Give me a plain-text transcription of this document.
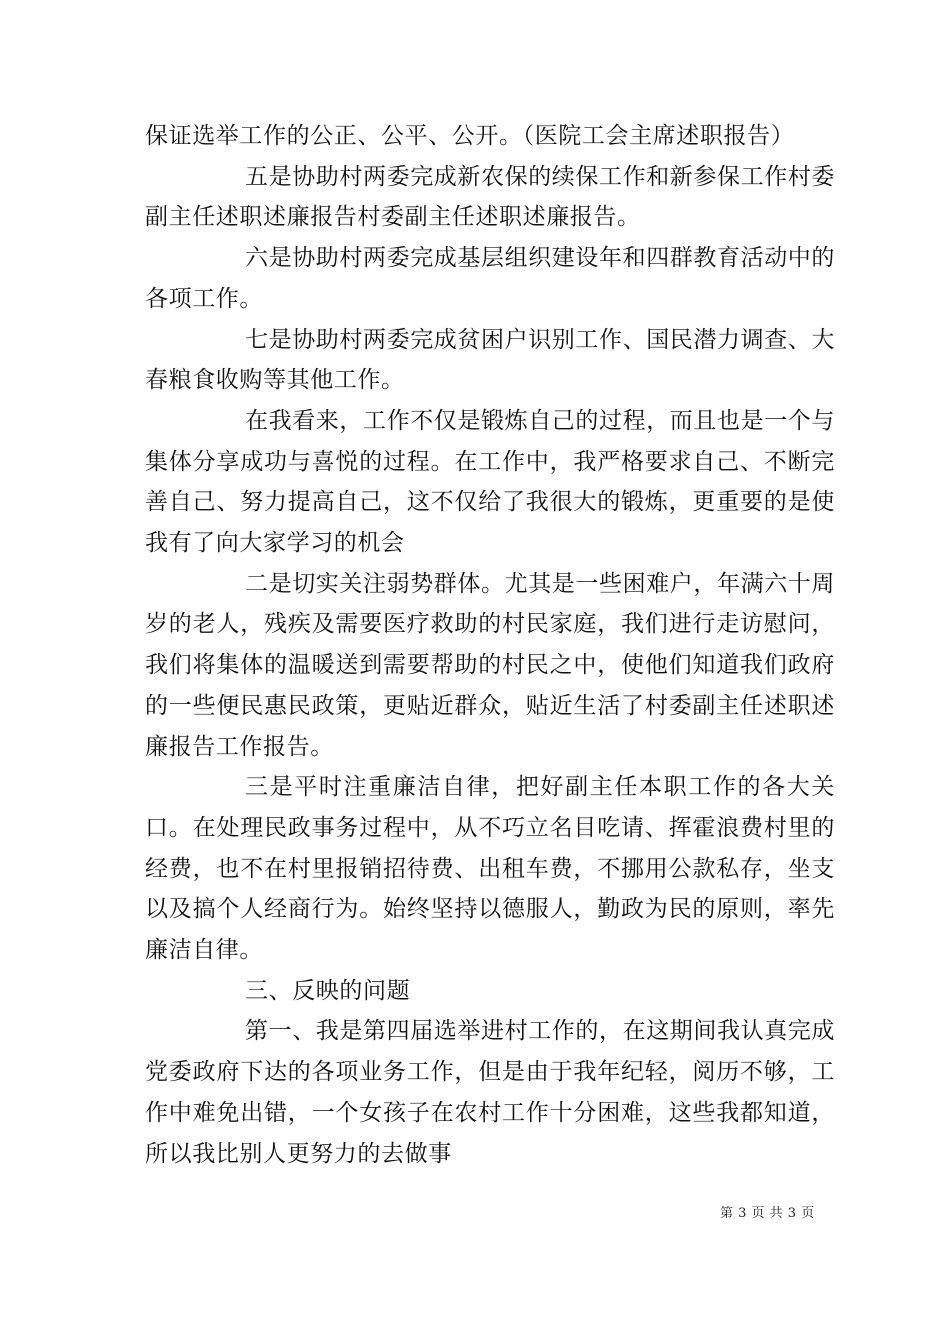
保证选举工作的公正、公平、公开。（医院工会主席述职报告）

五是协助村两委完成新农保的续保工作和新参保工作村委副主任述职述廉报告村委副主任述职述廉报告。

六是协助村两委完成基层组织建设年和四群教育活动中的各项工作。

七是协助村两委完成贫困户识别工作、国民潜力调查、大春粮食收购等其他工作。

在我看来，工作不仅是锻炼自己的过程，而且也是一个与集体分享成功与喜悦的过程。在工作中，我严格要求自己、不断完善自己、努力提高自己，这不仅给了我很大的锻炼，更重要的是使我有了向大家学习的机会

二是切实关注弱势群体。尤其是一些困难户，年满六十周岁的老人，残疾及需要医疗救助的村民家庭，我们进行走访慰问，我们将集体的温暖送到需要帮助的村民之中，使他们知道我们政府的一些便民惠民政策，更贴近群众，贴近生活了村委副主任述职述廉报告工作报告。

三是平时注重廉洁自律，把好副主任本职工作的各大关口。在处理民政事务过程中，从不巧立名目吃请、挥霍浪费村里的经费，也不在村里报销招待费、出租车费，不挪用公款私存，坐支以及搞个人经商行为。始终坚持以德服人，勤政为民的原则，率先廉洁自律。

三、反映的问题

第一、我是第四届选举进村工作的，在这期间我认真完成党委政府下达的各项业务工作，但是由于我年纪轻，阅历不够，工作中难免出错，一个女孩子在农村工作十分困难，这些我都知道，所以我比别人更努力的去做事

第 3 页 共 3 页
